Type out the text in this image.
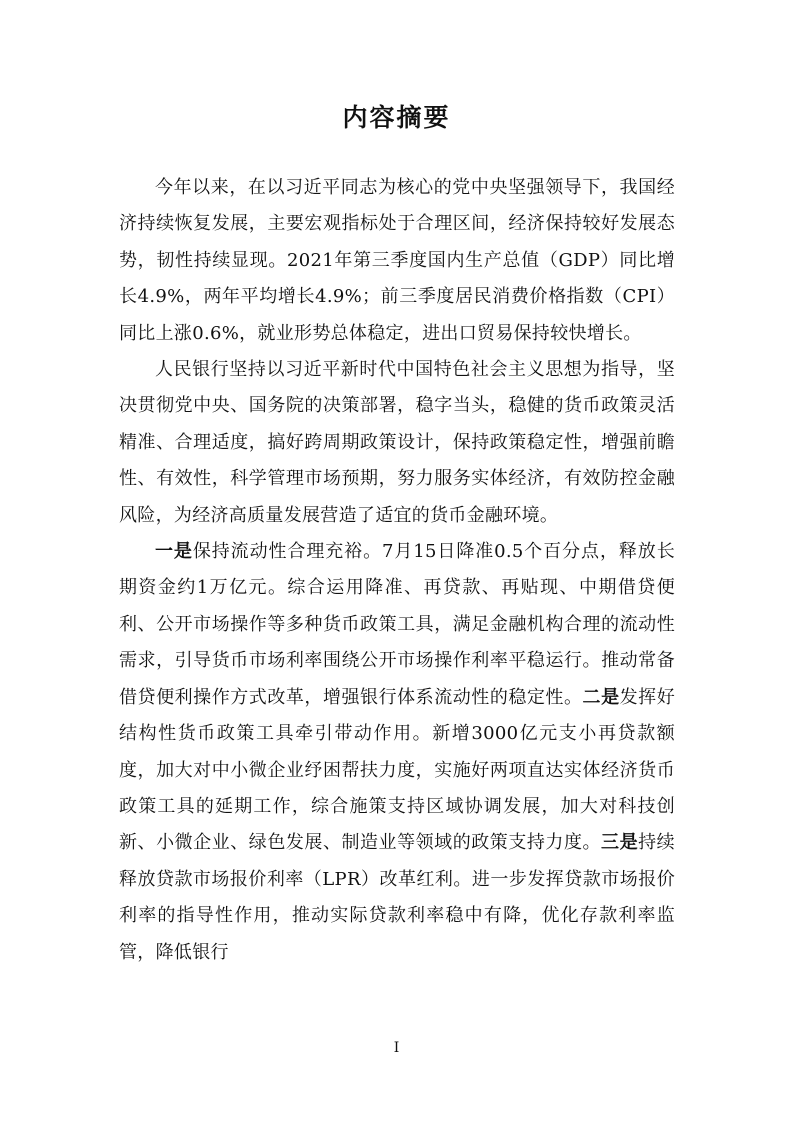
内容摘要

今年以来，在以习近平同志为核心的党中央坚强领导下，我国经济持续恢复发展，主要宏观指标处于合理区间，经济保持较好发展态势，韧性持续显现。2021年第三季度国内生产总值（GDP）同比增长4.9%，两年平均增长4.9%；前三季度居民消费价格指数（CPI）同比上涨0.6%，就业形势总体稳定，进出口贸易保持较快增长。

人民银行坚持以习近平新时代中国特色社会主义思想为指导，坚决贯彻党中央、国务院的决策部署，稳字当头，稳健的货币政策灵活精准、合理适度，搞好跨周期政策设计，保持政策稳定性，增强前瞻性、有效性，科学管理市场预期，努力服务实体经济，有效防控金融风险，为经济高质量发展营造了适宜的货币金融环境。

一是保持流动性合理充裕。7月15日降准0.5个百分点，释放长期资金约1万亿元。综合运用降准、再贷款、再贴现、中期借贷便利、公开市场操作等多种货币政策工具，满足金融机构合理的流动性需求，引导货币市场利率围绕公开市场操作利率平稳运行。推动常备借贷便利操作方式改革，增强银行体系流动性的稳定性。二是发挥好结构性货币政策工具牵引带动作用。新增3000亿元支小再贷款额度，加大对中小微企业纾困帮扶力度，实施好两项直达实体经济货币政策工具的延期工作，综合施策支持区域协调发展，加大对科技创新、小微企业、绿色发展、制造业等领域的政策支持力度。三是持续释放贷款市场报价利率（LPR）改革红利。进一步发挥贷款市场报价利率的指导性作用，推动实际贷款利率稳中有降，优化存款利率监管，降低银行

I
